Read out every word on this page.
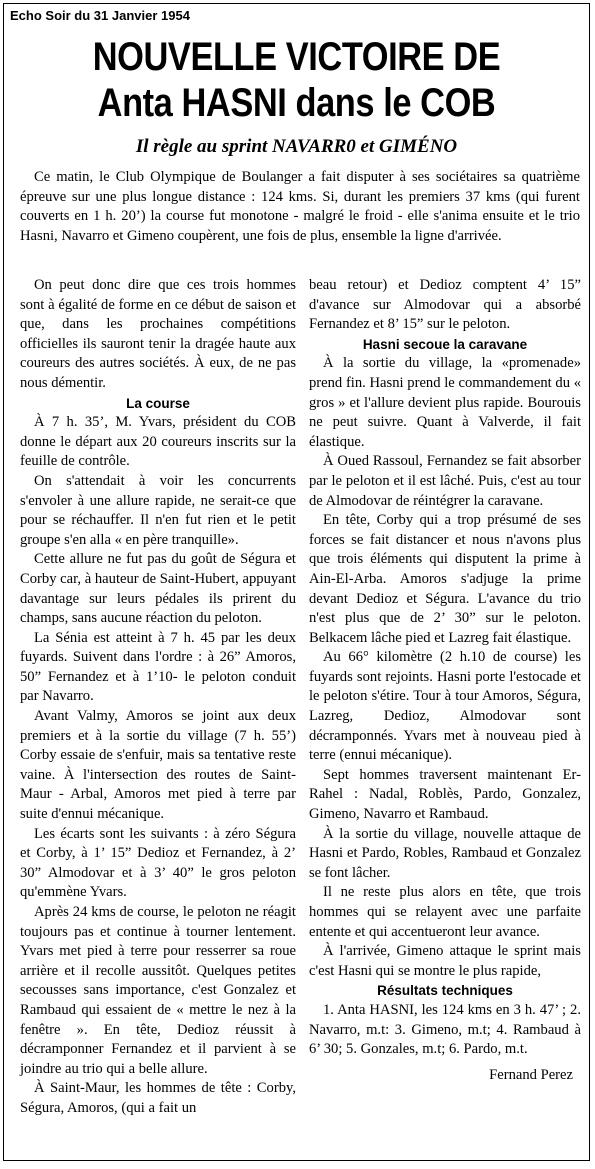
Echo Soir du 31 Janvier 1954
NOUVELLE VICTOIRE DE
Anta HASNI dans le COB
Il règle au sprint NAVARR0 et GIMÉNO

Ce matin, le Club Olympique de Boulanger a fait disputer à ses sociétaires sa quatrième épreuve sur une plus longue distance : 124 kms. Si, durant les premiers 37 kms (qui furent couverts en 1 h. 20’) la course fut monotone - malgré le froid - elle s'anima ensuite et le trio Hasni, Navarro et Gimeno coupèrent, une fois de plus, ensemble la ligne d'arrivée.

On peut donc dire que ces trois hommes sont à égalité de forme en ce début de saison et que, dans les prochaines compétitions officielles ils sauront tenir la dragée haute aux coureurs des autres sociétés. À eux, de ne pas nous démentir.

La course

À 7 h. 35’, M. Yvars, président du COB donne le départ aux 20 coureurs inscrits sur la feuille de contrôle.

On s'attendait à voir les concurrents s'envoler à une allure rapide, ne serait-ce que pour se réchauffer. Il n'en fut rien et le petit groupe s'en alla « en père tranquille».

Cette allure ne fut pas du goût de Ségura et Corby car, à hauteur de Saint-Hubert, appuyant davantage sur leurs pédales ils prirent du champs, sans aucune réaction du peloton.

La Sénia est atteint à 7 h. 45 par les deux fuyards. Suivent dans l'ordre : à 26” Amoros, 50” Fernandez et à 1’10- le peloton conduit par Navarro.

Avant Valmy, Amoros se joint aux deux premiers et à la sortie du village (7 h. 55’) Corby essaie de s'enfuir, mais sa tentative reste vaine. À l'intersection des routes de Saint-Maur - Arbal, Amoros met pied à terre par suite d'ennui mécanique.

Les écarts sont les suivants : à zéro Ségura et Corby, à 1’ 15” Dedioz et Fernandez, à 2’ 30” Almodovar et à 3’ 40” le gros peloton qu'emmène Yvars.

Après 24 kms de course, le peloton ne réagit toujours pas et continue à tourner lentement. Yvars met pied à terre pour resserrer sa roue arrière et il recolle aussitôt. Quelques petites secousses sans importance, c'est Gonzalez et Rambaud qui essaient de « mettre le nez à la fenêtre ». En tête, Dedioz réussit à décramponner Fernandez et il parvient à se joindre au trio qui a belle allure.

À Saint-Maur, les hommes de tête : Corby, Ségura, Amoros, (qui a fait un

beau retour) et Dedioz comptent 4’ 15” d'avance sur Almodovar qui a absorbé Fernandez et 8’ 15” sur le peloton.

Hasni secoue la caravane

À la sortie du village, la «promenade» prend fin. Hasni prend le commandement du « gros » et l'allure devient plus rapide. Bourouis ne peut suivre. Quant à Valverde, il fait élastique.

À Oued Rassoul, Fernandez se fait absorber par le peloton et il est lâché. Puis, c'est au tour de Almodovar de réintégrer la caravane.

En tête, Corby qui a trop présumé de ses forces se fait distancer et nous n'avons plus que trois éléments qui disputent la prime à Ain-El-Arba. Amoros s'adjuge la prime devant Dedioz et Ségura. L'avance du trio n'est plus que de 2’ 30” sur le peloton. Belkacem lâche pied et Lazreg fait élastique.

Au 66° kilomètre (2 h.10 de course) les fuyards sont rejoints. Hasni porte l'estocade et le peloton s'étire. Tour à tour Amoros, Ségura, Lazreg, Dedioz, Almodovar sont décramponnés. Yvars met à nouveau pied à terre (ennui mécanique).

Sept hommes traversent maintenant Er-Rahel : Nadal, Roblès, Pardo, Gonzalez, Gimeno, Navarro et Rambaud.

À la sortie du village, nouvelle attaque de Hasni et Pardo, Robles, Rambaud et Gonzalez se font lâcher.

Il ne reste plus alors en tête, que trois hommes qui se relayent avec une parfaite entente et qui accentueront leur avance.

À l'arrivée, Gimeno attaque le sprint mais c'est Hasni qui se montre le plus rapide,

Résultats techniques

1. Anta HASNI, les 124 kms en 3 h. 47’ ; 2. Navarro, m.t: 3. Gimeno, m.t; 4. Rambaud à 6’ 30; 5. Gonzales, m.t; 6. Pardo, m.t.

Fernand Perez
